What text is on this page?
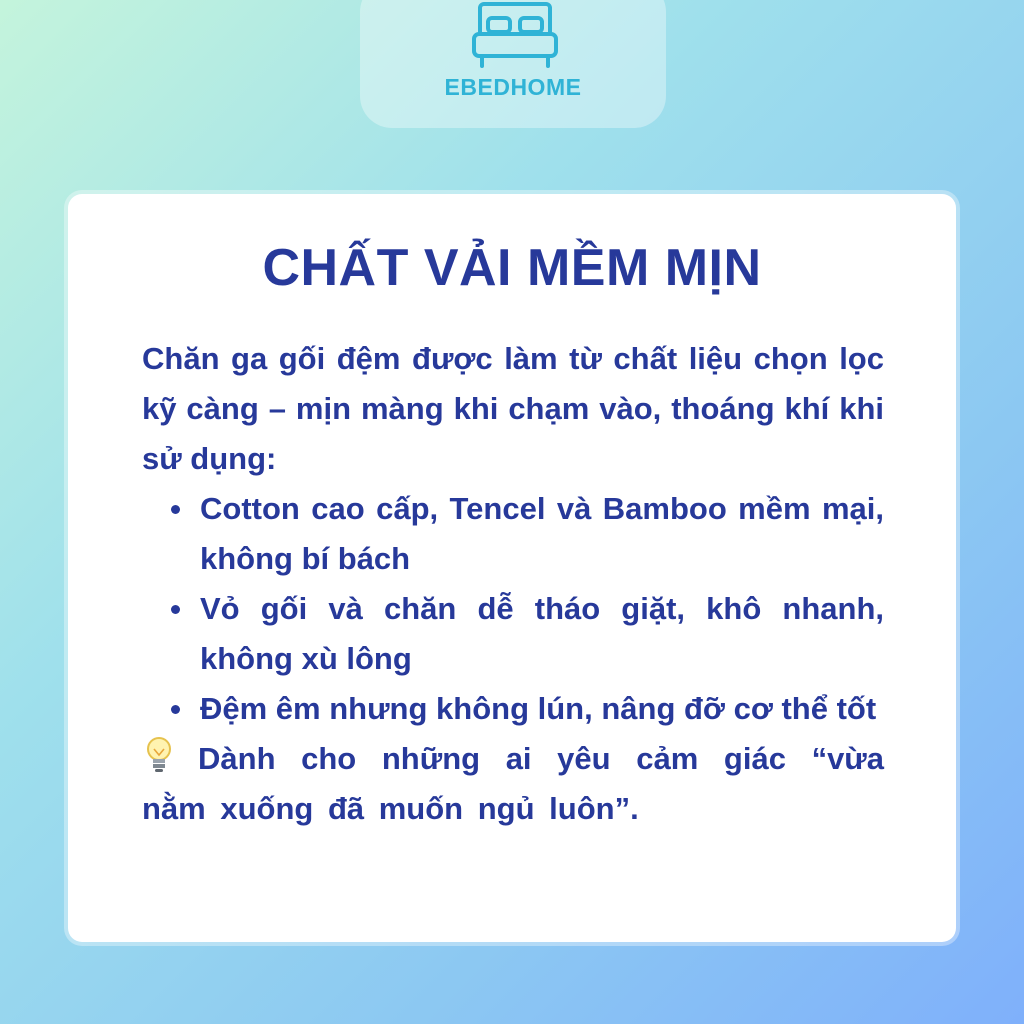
EBEDHOME
CHẤT VẢI MỀM MỊN

Chăn ga gối đệm được làm từ chất liệu chọn lọc kỹ càng – mịn màng khi chạm vào, thoáng khí khi sử dụng:

Cotton cao cấp, Tencel và Bamboo mềm mại, không bí bách
Vỏ gối và chăn dễ tháo giặt, khô nhanh, không xù lông
Đệm êm nhưng không lún, nâng đỡ cơ thể tốt

Dành cho những ai yêu cảm giác “vừa nằm xuống đã muốn ngủ luôn”.
